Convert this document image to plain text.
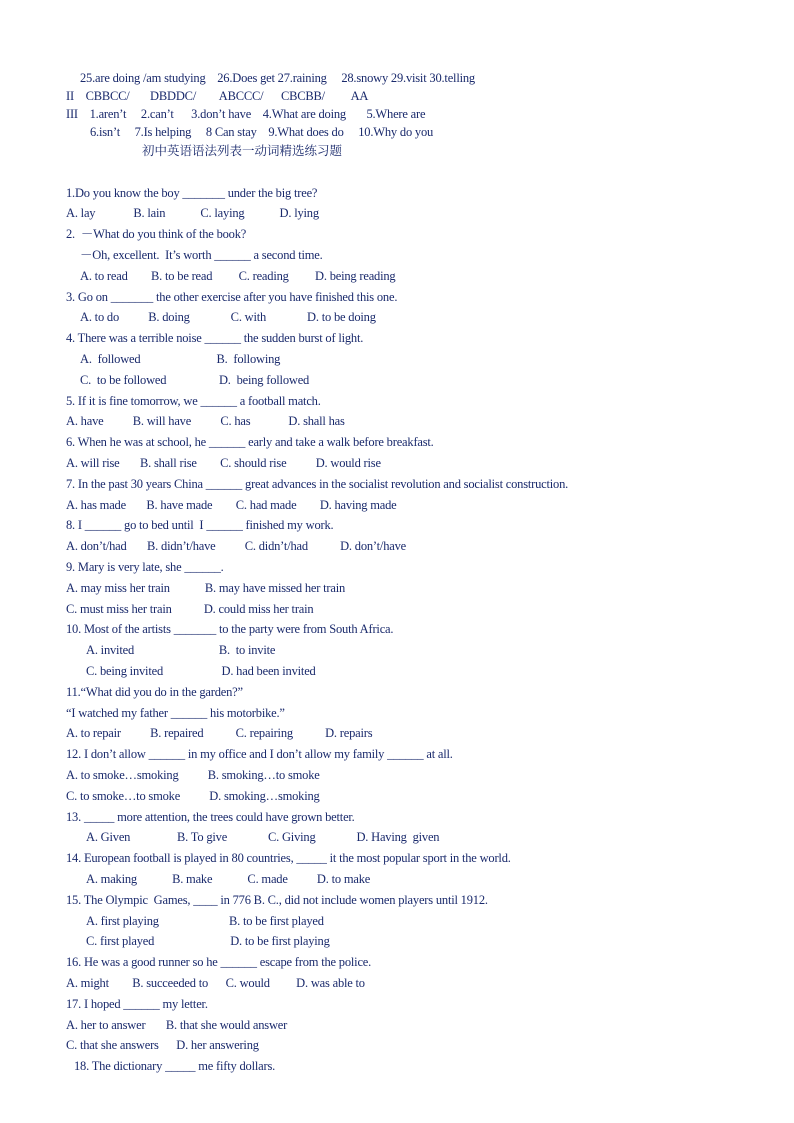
25.are doing /am studying    26.Does get 27.raining     28.snowy 29.visit 30.telling
II    CBBCC/       DBDDC/        ABCCC/      CBCBB/         AA
III    1.aren’t     2.can’t      3.don’t have    4.What are doing       5.Where are
6.isn’t     7.Is helping     8 Can stay    9.What does do     10.Why do you
初中英语语法列表一动词精选练习题
1.Do you know the boy _______ under the big tree?
A. lay             B. lain            C. laying            D. lying
2.  －What do you think of the book?
－Oh, excellent.  It’s worth ______ a second time.
A. to read        B. to be read         C. reading         D. being reading
3. Go on _______ the other exercise after you have finished this one.
A. to do          B. doing              C. with              D. to be doing
4. There was a terrible noise ______ the sudden burst of light.
A.  followed                          B.  following
C.  to be followed                  D.  being followed
5. If it is fine tomorrow, we ______ a football match.
A. have          B. will have          C. has             D. shall has
6. When he was at school, he ______ early and take a walk before breakfast.
A. will rise       B. shall rise        C. should rise          D. would rise
7. In the past 30 years China ______ great advances in the socialist revolution and socialist construction.
A. has made       B. have made        C. had made        D. having made
8. I ______ go to bed until  I ______ finished my work.
A. don’t/had       B. didn’t/have          C. didn’t/had           D. don’t/have
9. Mary is very late, she ______.
A. may miss her train            B. may have missed her train
C. must miss her train           D. could miss her train
10. Most of the artists _______ to the party were from South Africa.
A. invited                             B.  to invite
C. being invited                    D. had been invited
11.“What did you do in the garden?”
“I watched my father ______ his motorbike.”
A. to repair          B. repaired           C. repairing           D. repairs
12. I don’t allow ______ in my office and I don’t allow my family ______ at all.
A. to smoke…smoking          B. smoking…to smoke
C. to smoke…to smoke          D. smoking…smoking
13. _____ more attention, the trees could have grown better.
A. Given                B. To give              C. Giving              D. Having  given
14. European football is played in 80 countries, _____ it the most popular sport in the world.
A. making            B. make            C. made          D. to make
15. The Olympic  Games, ____ in 776 B. C., did not include women players until 1912.
A. first playing                        B. to be first played
C. first played                          D. to be first playing
16. He was a good runner so he ______ escape from the police.
A. might        B. succeeded to      C. would         D. was able to
17. I hoped ______ my letter.
A. her to answer       B. that she would answer
C. that she answers      D. her answering
18. The dictionary _____ me fifty dollars.
